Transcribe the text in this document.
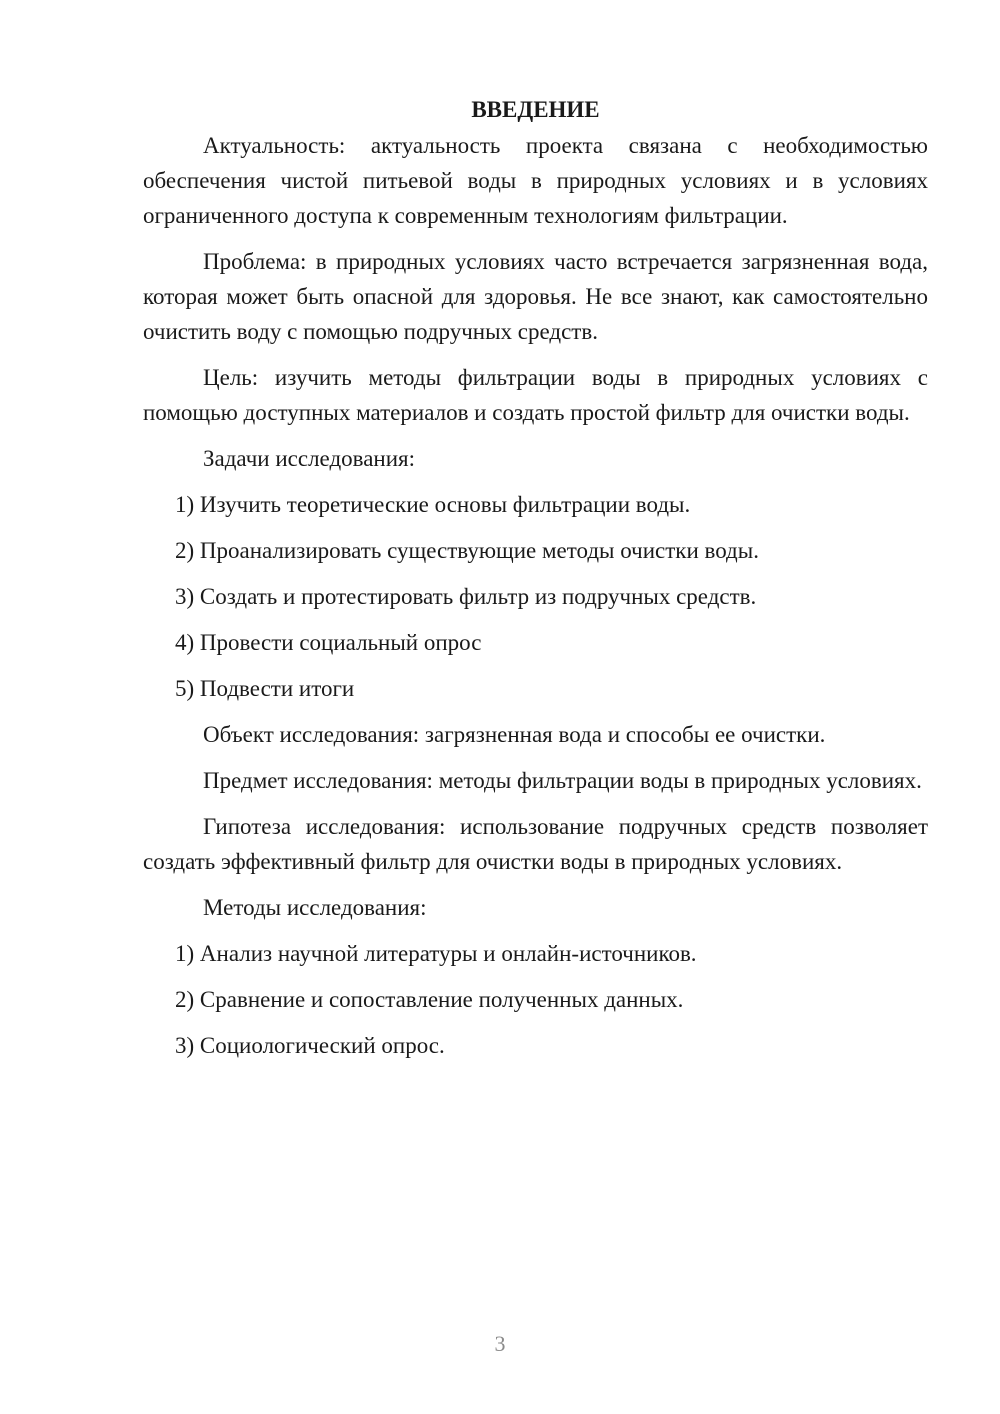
ВВЕДЕНИЕ
Актуальность: актуальность проекта связана с необходимостью обеспечения чистой питьевой воды в природных условиях и в условиях ограниченного доступа к современным технологиям фильтрации.
Проблема: в природных условиях часто встречается загрязненная вода, которая может быть опасной для здоровья. Не все знают, как самостоятельно очистить воду с помощью подручных средств.
Цель: изучить методы фильтрации воды в природных условиях с помощью доступных материалов и создать простой фильтр для очистки воды.
Задачи исследования:
1) Изучить теоретические основы фильтрации воды.
2) Проанализировать существующие методы очистки воды.
3) Создать и протестировать фильтр из подручных средств.
4) Провести социальный опрос
5) Подвести итоги
Объект исследования: загрязненная вода и способы ее очистки.
Предмет исследования: методы фильтрации воды в природных условиях.
Гипотеза исследования: использование подручных средств позволяет создать эффективный фильтр для очистки воды в природных условиях.
Методы исследования:
1) Анализ научной литературы и онлайн-источников.
2) Сравнение и сопоставление полученных данных.
3) Социологический опрос.
3
